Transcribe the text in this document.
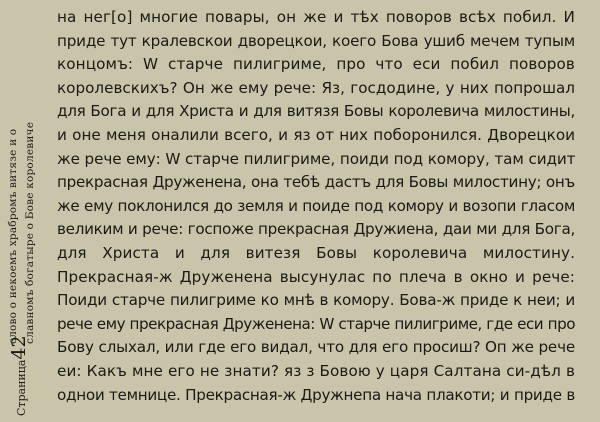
Страница42
слово о некоемъ храбромъ витязе и о славномъ богатыре о Бове королевиче
на нег[о] многие повары, он же и тѣх поворов всѣх побил. И
приде тут кралевскои дворецкои, коего Бова ушиб мечем тупым
концомъ: W старче пилигриме, про что еси побил поворов
королевскихъ? Он же ему рече: Яз, госдодине, у них попрошал
для Бога и для Христа и для витязя Бовы королевича милостины,
и оне меня оналили всего, и яз от них поборонился. Дворецкои
же рече ему: W старче пилигриме, поиди под комору, там сидит
прекрасная Друженена, она тебѣ дастъ для Бовы милостину; онъ
же ему поклонился до земля и поиде под комору и возопи гласом
великим и рече: госпоже прекрасная Дружиена, даи ми для Бога,
для Христа и для витезя Бовы королевича милостину.
Прекрасная-ж Друженена высунулас по плеча в окно и рече:
Поиди старче пилигриме ко мнѣ в комору. Бова-ж приде к неи; и
рече ему прекрасная Друженена: W старче пилигриме, где еси про
Бову слыхал, или где его видал, что для его просиш? Оп же рече
еи: Какъ мне его не знати? яз з Бовою у царя Салтана си-дѣл в
однои темнице. Прекрасная-ж Дружнепа нача плакоти; и приде в
